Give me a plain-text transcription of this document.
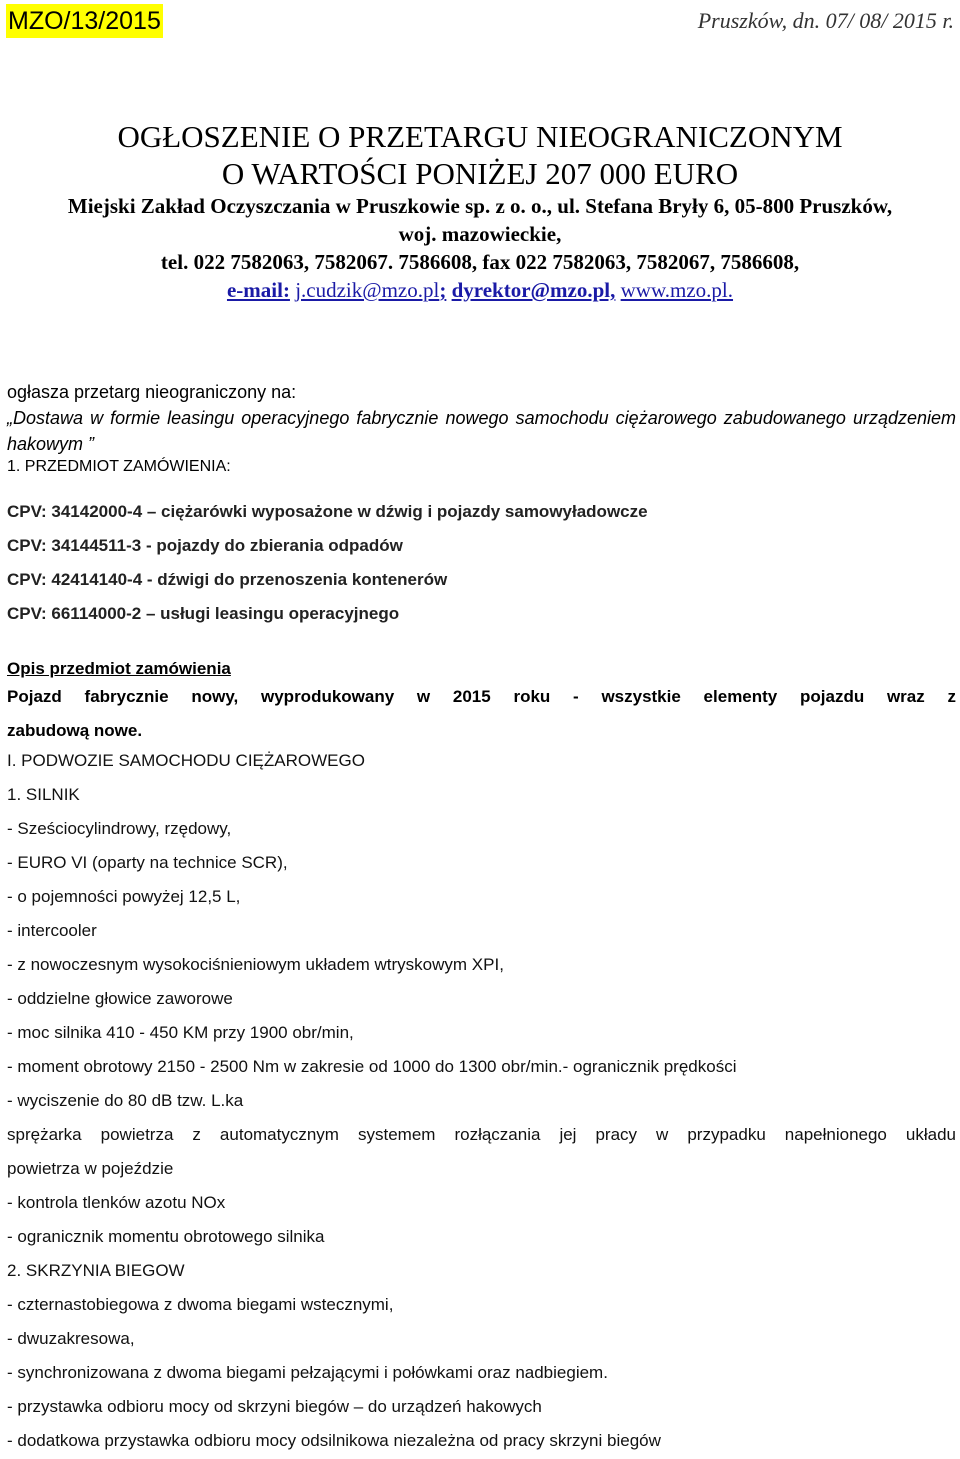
MZO/13/2015	Pruszków, dn. 07/ 08/ 2015 r.
OGŁOSZENIE O PRZETARGU NIEOGRANICZONYM
O WARTOŚCI PONIŻEJ 207 000 EURO
Miejski Zakład Oczyszczania w Pruszkowie sp. z o. o., ul. Stefana Bryły 6, 05-800 Pruszków,
woj. mazowieckie,
tel. 022 7582063, 7582067. 7586608, fax 022 7582063, 7582067, 7586608,
e-mail: j.cudzik@mzo.pl; dyrektor@mzo.pl, www.mzo.pl.
ogłasza przetarg nieograniczony na:
„Dostawa w formie leasingu operacyjnego fabrycznie nowego samochodu ciężarowego zabudowanego urządzeniem hakowym ”
1. PRZEDMIOT ZAMÓWIENIA:
CPV: 34142000-4 – ciężarówki wyposażone w dźwig i pojazdy samowyładowcze
CPV: 34144511-3 - pojazdy do zbierania odpadów
CPV: 42414140-4 - dźwigi do przenoszenia kontenerów
CPV: 66114000-2 – usługi leasingu operacyjnego
Opis przedmiot zamówienia
Pojazd fabrycznie nowy, wyprodukowany w 2015 roku - wszystkie elementy pojazdu wraz z
zabudową nowe.
I. PODWOZIE SAMOCHODU CIĘŻAROWEGO
1. SILNIK
- Sześciocylindrowy, rzędowy,
- EURO VI (oparty na technice SCR),
- o pojemności powyżej 12,5 L,
- intercooler
- z nowoczesnym wysokociśnieniowym układem wtryskowym XPI,
- oddzielne głowice zaworowe
- moc silnika 410 - 450 KM przy 1900 obr/min,
- moment obrotowy 2150 - 2500 Nm w zakresie od 1000 do 1300 obr/min.- ogranicznik prędkości
- wyciszenie do 80 dB tzw. L.ka
sprężarka powietrza z automatycznym systemem rozłączania jej pracy w przypadku napełnionego układu
powietrza w pojeździe
- kontrola tlenków azotu NOx
- ogranicznik momentu obrotowego silnika
2. SKRZYNIA BIEGOW
- czternastobiegowa z dwoma biegami wstecznymi,
- dwuzakresowa,
- synchronizowana z dwoma biegami pełzającymi i połówkami oraz nadbiegiem.
- przystawka odbioru mocy od skrzyni biegów – do urządzeń hakowych
- dodatkowa przystawka odbioru mocy odsilnikowa niezależna od pracy skrzyni biegów
